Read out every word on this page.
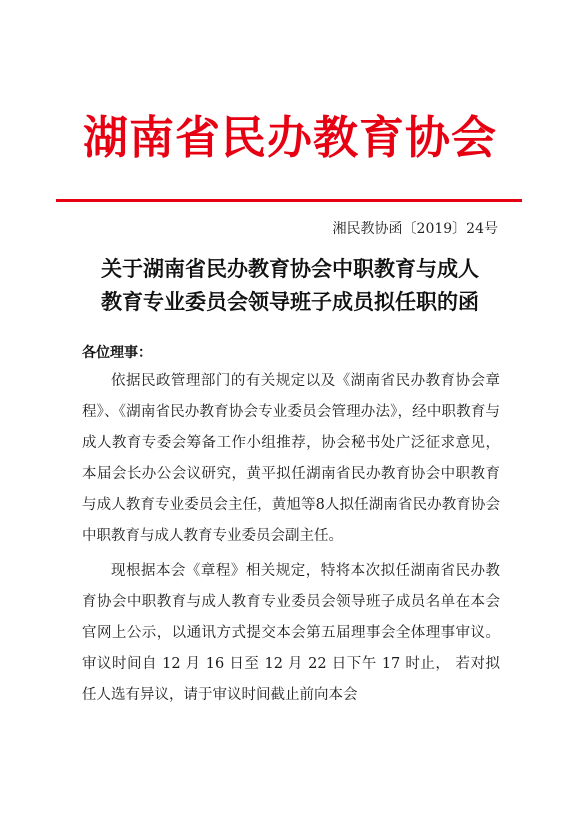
湖南省民办教育协会
湘民教协函〔2019〕24号
关于湖南省民办教育协会中职教育与成人
教育专业委员会领导班子成员拟任职的函
各位理事：

依据民政管理部门的有关规定以及《湖南省民办教育协会章程》、《湖南省民办教育协会专业委员会管理办法》，经中职教育与成人教育专委会筹备工作小组推荐，协会秘书处广泛征求意见，本届会长办公会议研究，黄平拟任湖南省民办教育协会中职教育与成人教育专业委员会主任，黄旭等8人拟任湖南省民办教育协会中职教育与成人教育专业委员会副主任。

现根据本会《章程》相关规定，特将本次拟任湖南省民办教育协会中职教育与成人教育专业委员会领导班子成员名单在本会官网上公示，以通讯方式提交本会第五届理事会全体理事审议。审议时间自 12 月 16 日至 12 月 22 日下午 17 时止， 若对拟任人选有异议，请于审议时间截止前向本会
